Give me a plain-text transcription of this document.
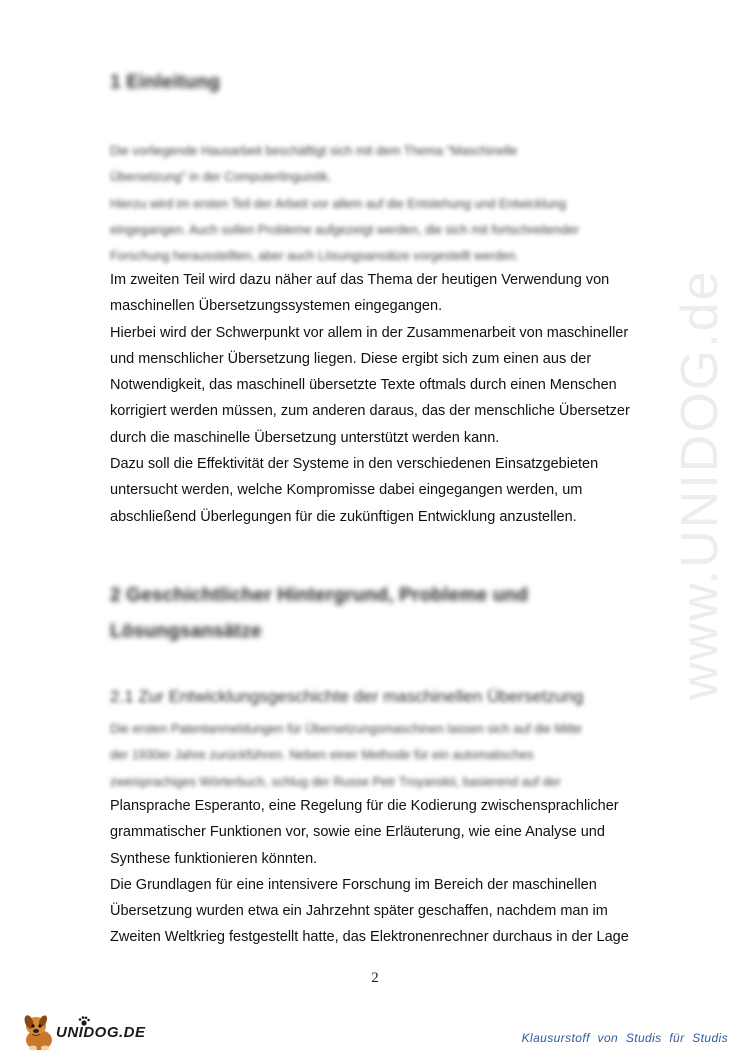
www.UNIDOG.de
1 Einleitung
Die vorliegende Hausarbeit beschäftigt sich mit dem Thema "Maschinelle
Übersetzung" in der Computerlinguistik.
Hierzu wird im ersten Teil der Arbeit vor allem auf die Entstehung und Entwicklung
eingegangen. Auch sollen Probleme aufgezeigt werden, die sich mit fortschreitender
Forschung herausstellten, aber auch Lösungsansätze vorgestellt werden.
Im zweiten Teil wird dazu näher auf das Thema der heutigen Verwendung von
maschinellen Übersetzungssystemen eingegangen.
Hierbei wird der Schwerpunkt vor allem in der Zusammenarbeit von maschineller
und menschlicher Übersetzung liegen. Diese ergibt sich zum einen aus der
Notwendigkeit, das maschinell übersetzte Texte oftmals durch einen Menschen
korrigiert werden müssen, zum anderen daraus, das der menschliche Übersetzer
durch die maschinelle Übersetzung unterstützt werden kann.
Dazu soll die Effektivität der Systeme in den verschiedenen Einsatzgebieten
untersucht werden, welche Kompromisse dabei eingegangen werden, um
abschließend Überlegungen für die zukünftigen Entwicklung anzustellen.
2 Geschichtlicher Hintergrund, Probleme und
Lösungsansätze
2.1 Zur Entwicklungsgeschichte der maschinellen Übersetzung
Die ersten Patentanmeldungen für Übersetzungsmaschinen lassen sich auf die Mitte
der 1930er Jahre zurückführen. Neben einer Methode für ein automatisches
zweisprachiges Wörterbuch, schlug der Russe Petr Troyanskii, basierend auf der
Plansprache Esperanto, eine Regelung für die Kodierung zwischensprachlicher
grammatischer Funktionen vor, sowie eine Erläuterung, wie eine Analyse und
Synthese funktionieren könnten.
Die Grundlagen für eine intensivere Forschung im Bereich der maschinellen
Übersetzung wurden etwa ein Jahrzehnt später geschaffen, nachdem man im
Zweiten Weltkrieg festgestellt hatte, das Elektronenrechner durchaus in der Lage
2
UNIDOG.DE	Klausurstoff von Studis für Studis
